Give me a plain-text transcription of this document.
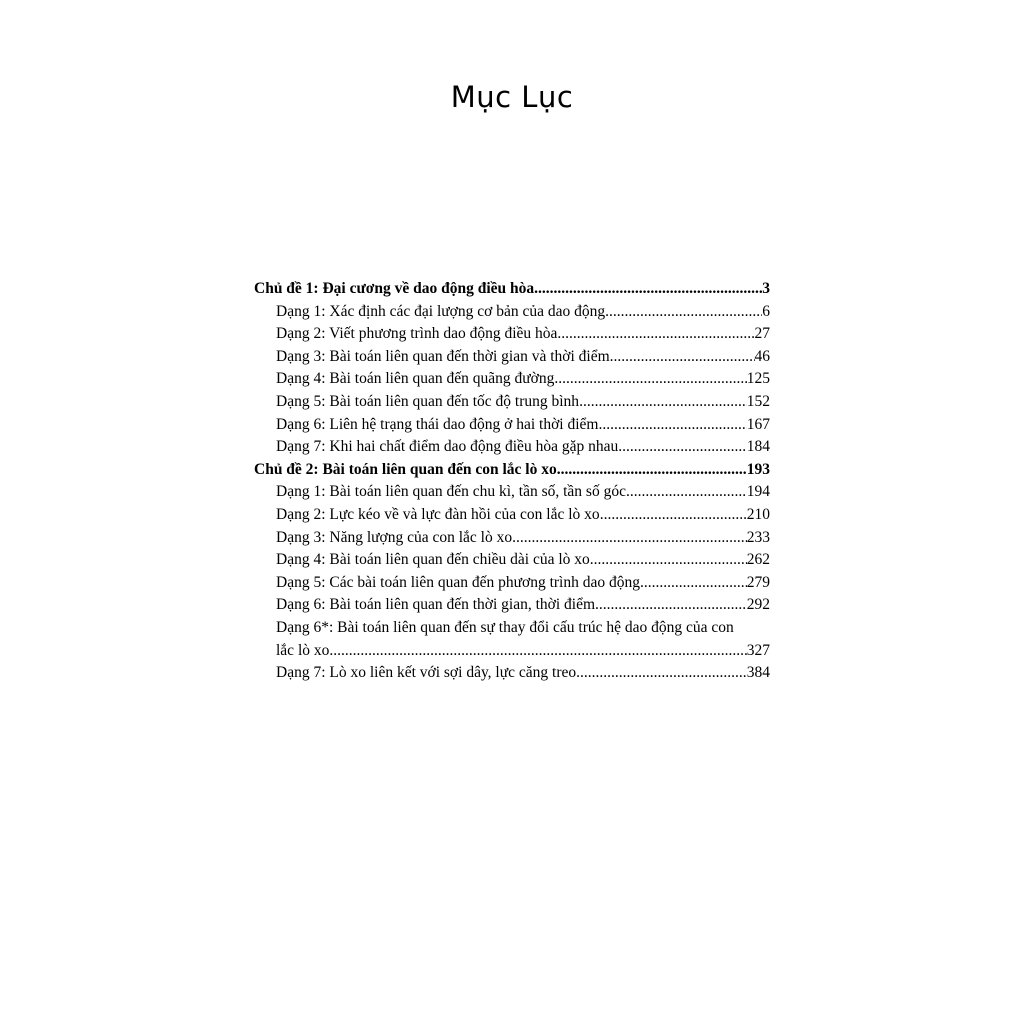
Mục Lục
Chủ đề 1: Đại cương về dao động điều hòa .....	3
Dạng 1: Xác định các đại lượng cơ bản của dao động .....	6
Dạng 2: Viết phương trình dao động điều hòa .....	27
Dạng 3: Bài toán liên quan đến thời gian và thời điểm .....	46
Dạng 4: Bài toán liên quan đến quãng đường .....	125
Dạng 5: Bài toán liên quan đến tốc độ trung bình .....	152
Dạng 6: Liên hệ trạng thái dao động ở hai thời điểm .....	167
Dạng 7: Khi hai chất điểm dao động điều hòa gặp nhau .....	184
Chủ đề 2: Bài toán liên quan đến con lắc lò xo .....	193
Dạng 1: Bài toán liên quan đến chu kì, tần số, tần số góc .....	194
Dạng 2: Lực kéo về và lực đàn hồi của con lắc lò xo .....	210
Dạng 3: Năng lượng của con lắc lò xo .....	233
Dạng 4: Bài toán liên quan đến chiều dài của lò xo .....	262
Dạng 5: Các bài toán liên quan đến phương trình dao động .....	279
Dạng 6: Bài toán liên quan đến thời gian, thời điểm .....	292
Dạng 6*: Bài toán liên quan đến sự thay đổi cấu trúc hệ dao động của con
lắc lò xo .....	327
Dạng 7: Lò xo liên kết với sợi dây, lực căng treo .....	384
